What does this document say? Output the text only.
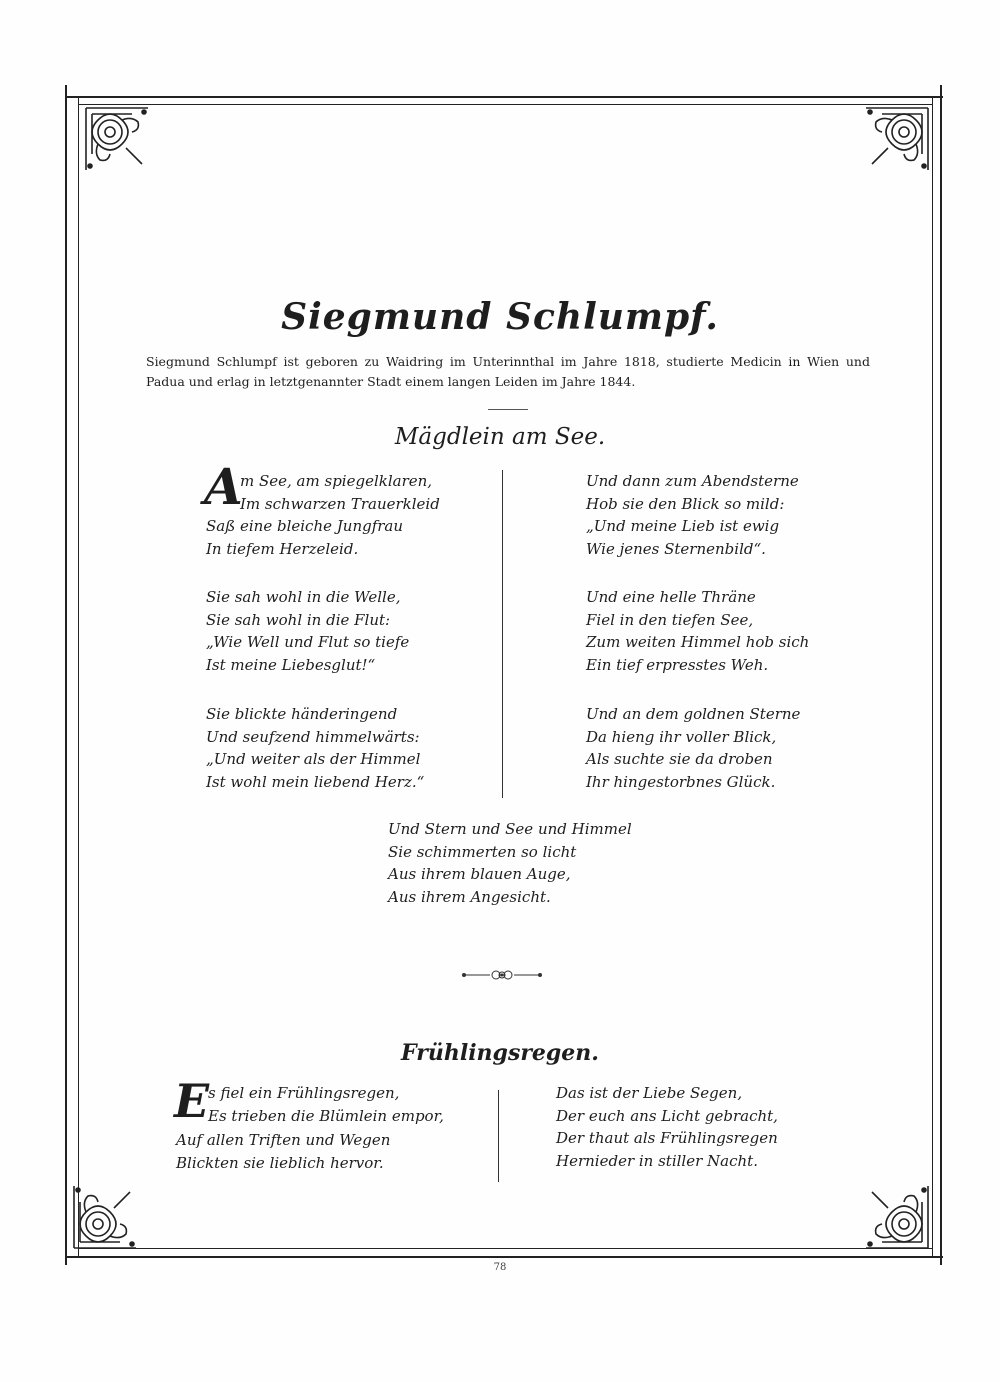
Siegmund Schlumpf.
Siegmund Schlumpf ist geboren zu Waidring im Unterinnthal im Jahre 1818, studierte Medicin in Wien und Padua und erlag in letztgenannter Stadt einem langen Leiden im Jahre 1844.
Mägdlein am See.
A
m See, am spiegelklaren,
Im schwarzen Trauerkleid
Saß eine bleiche Jungfrau
In tiefem Herzeleid.
Sie sah wohl in die Welle,
Sie sah wohl in die Flut:
„Wie Well und Flut so tiefe
Ist meine Liebesglut!“
Sie blickte händeringend
Und seufzend himmelwärts:
„Und weiter als der Himmel
Ist wohl mein liebend Herz.“
Und dann zum Abendsterne
Hob sie den Blick so mild:
„Und meine Lieb ist ewig
Wie jenes Sternenbild“.
Und eine helle Thräne
Fiel in den tiefen See,
Zum weiten Himmel hob sich
Ein tief erpresstes Weh.
Und an dem goldnen Sterne
Da hieng ihr voller Blick,
Als suchte sie da droben
Ihr hingestorbnes Glück.
Und Stern und See und Himmel
Sie schimmerten so licht
Aus ihrem blauen Auge,
Aus ihrem Angesicht.
Frühlingsregen.
E
s fiel ein Frühlingsregen,
Es trieben die Blümlein empor,
Auf allen Triften und Wegen
Blickten sie lieblich hervor.
Das ist der Liebe Segen,
Der euch ans Licht gebracht,
Der thaut als Frühlingsregen
Hernieder in stiller Nacht.
78
